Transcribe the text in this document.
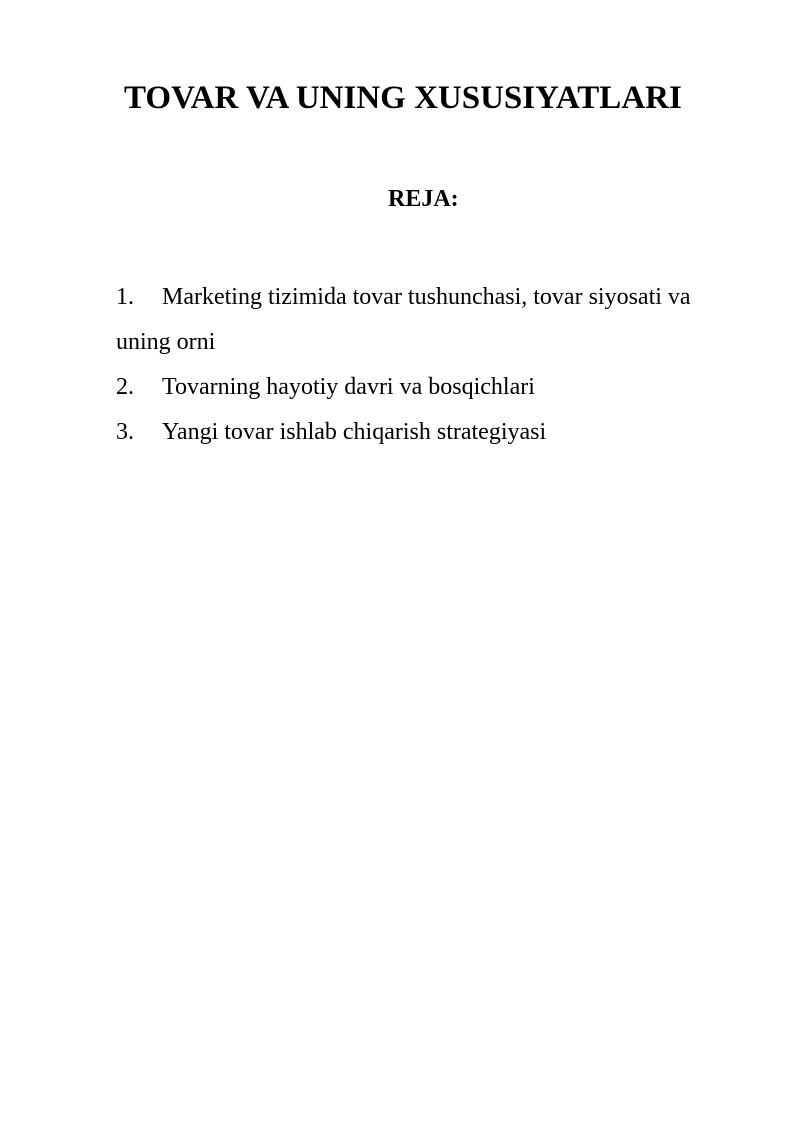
TOVAR VA UNING XUSUSIYATLARI
REJA:
1. Marketing tizimida tovar tushunchasi, tovar siyosati va uning orni
2. Tovarning hayotiy davri va bosqichlari
3. Yangi tovar ishlab chiqarish strategiyasi
